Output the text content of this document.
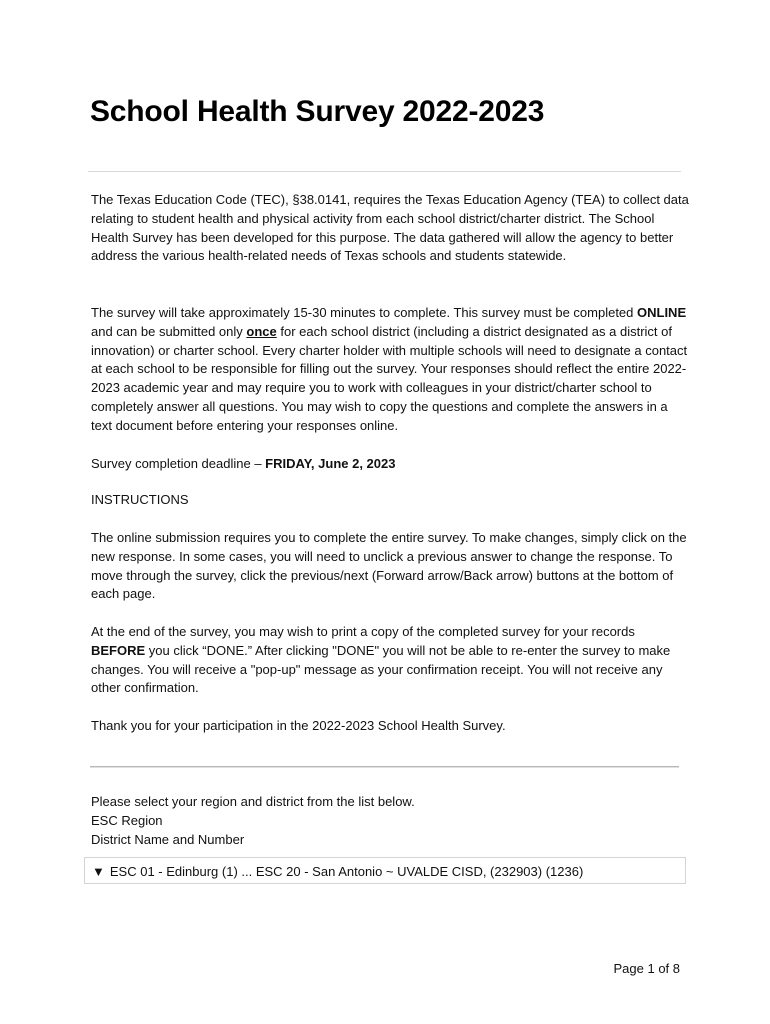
School Health Survey 2022-2023

The Texas Education Code (TEC), §38.0141, requires the Texas Education Agency (TEA) to collect data relating to student health and physical activity from each school district/charter district. The School Health Survey has been developed for this purpose. The data gathered will allow the agency to better address the various health-related needs of Texas schools and students statewide.

The survey will take approximately 15-30 minutes to complete. This survey must be completed ONLINE and can be submitted only once for each school district (including a district designated as a district of innovation) or charter school. Every charter holder with multiple schools will need to designate a contact at each school to be responsible for filling out the survey. Your responses should reflect the entire 2022-2023 academic year and may require you to work with colleagues in your district/charter school to completely answer all questions. You may wish to copy the questions and complete the answers in a text document before entering your responses online.

Survey completion deadline – FRIDAY, June 2, 2023

INSTRUCTIONS

The online submission requires you to complete the entire survey. To make changes, simply click on the new response. In some cases, you will need to unclick a previous answer to change the response. To move through the survey, click the previous/next (Forward arrow/Back arrow) buttons at the bottom of each page.

At the end of the survey, you may wish to print a copy of the completed survey for your records BEFORE you click “DONE.” After clicking "DONE" you will not be able to re-enter the survey to make changes. You will receive a "pop-up" message as your confirmation receipt. You will not receive any other confirmation.

Thank you for your participation in the 2022-2023 School Health Survey.

Please select your region and district from the list below.
ESC Region
District Name and Number
▼ ESC 01 - Edinburg (1) ... ESC 20 - San Antonio ~ UVALDE CISD, (232903) (1236)
Page 1 of 8
